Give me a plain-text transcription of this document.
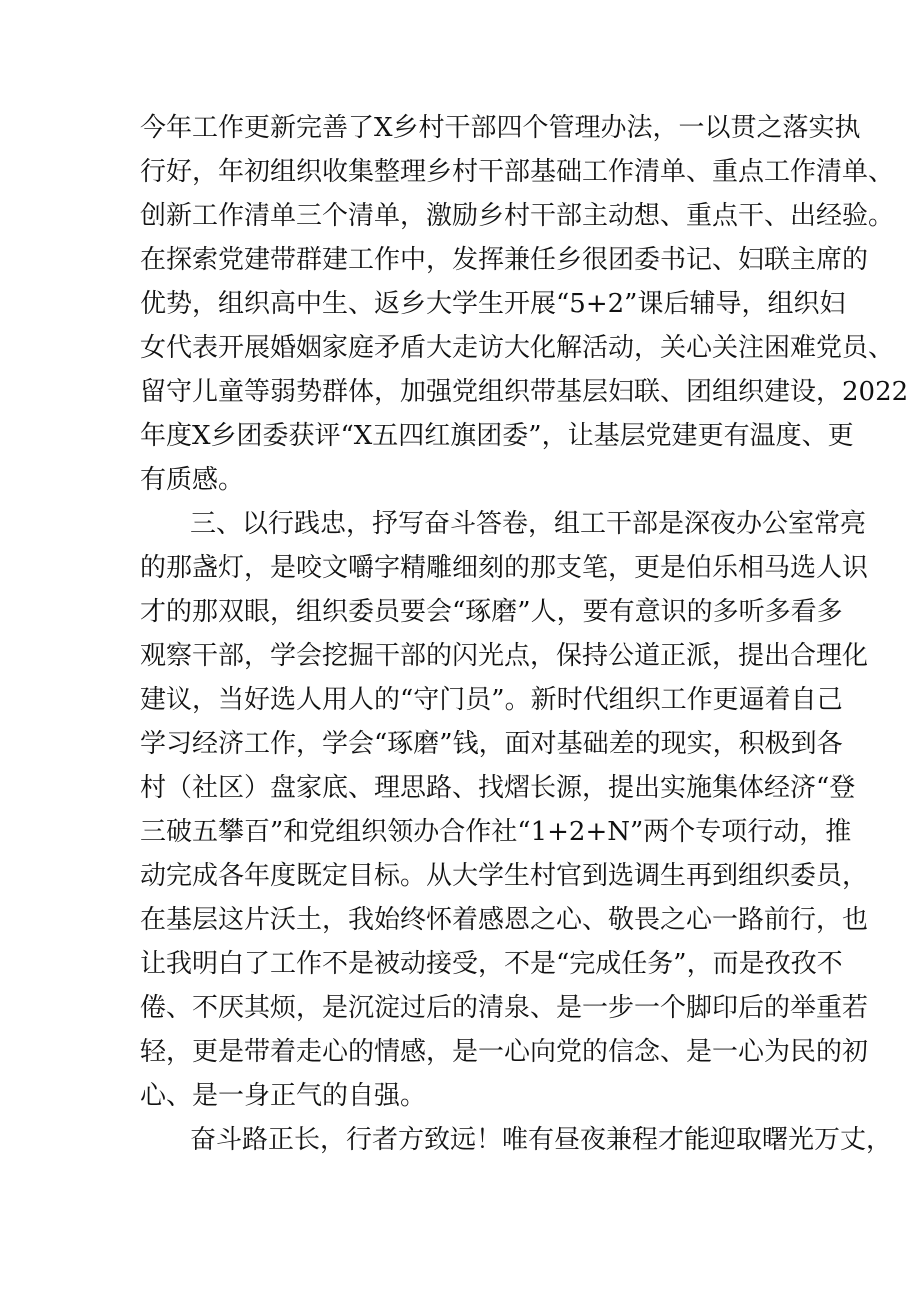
今年工作更新完善了X乡村干部四个管理办法，一以贯之落实执
行好，年初组织收集整理乡村干部基础工作清单、重点工作清单、
创新工作清单三个清单，激励乡村干部主动想、重点干、出经验。
在探索党建带群建工作中，发挥兼任乡很团委书记、妇联主席的
优势，组织高中生、返乡大学生开展“5+2”课后辅导，组织妇
女代表开展婚姻家庭矛盾大走访大化解活动，关心关注困难党员、
留守儿童等弱势群体，加强党组织带基层妇联、团组织建设，2022
年度X乡团委获评“X五四红旗团委”，让基层党建更有温度、更
有质感。
三、以行践忠，抒写奋斗答卷，组工干部是深夜办公室常亮
的那盏灯，是咬文嚼字精雕细刻的那支笔，更是伯乐相马选人识
才的那双眼，组织委员要会“琢磨”人，要有意识的多听多看多
观察干部，学会挖掘干部的闪光点，保持公道正派，提出合理化
建议，当好选人用人的“守门员”。新时代组织工作更逼着自己
学习经济工作，学会“琢磨”钱，面对基础差的现实，积极到各
村（社区）盘家底、理思路、找熠长源，提出实施集体经济“登
三破五攀百”和党组织领办合作社“1+2+N”两个专项行动，推
动完成各年度既定目标。从大学生村官到选调生再到组织委员，
在基层这片沃土，我始终怀着感恩之心、敬畏之心一路前行，也
让我明白了工作不是被动接受，不是“完成任务”，而是孜孜不
倦、不厌其烦，是沉淀过后的清泉、是一步一个脚印后的举重若
轻，更是带着走心的情感，是一心向党的信念、是一心为民的初
心、是一身正气的自强。
奋斗路正长，行者方致远！唯有昼夜兼程才能迎取曙光万丈，
